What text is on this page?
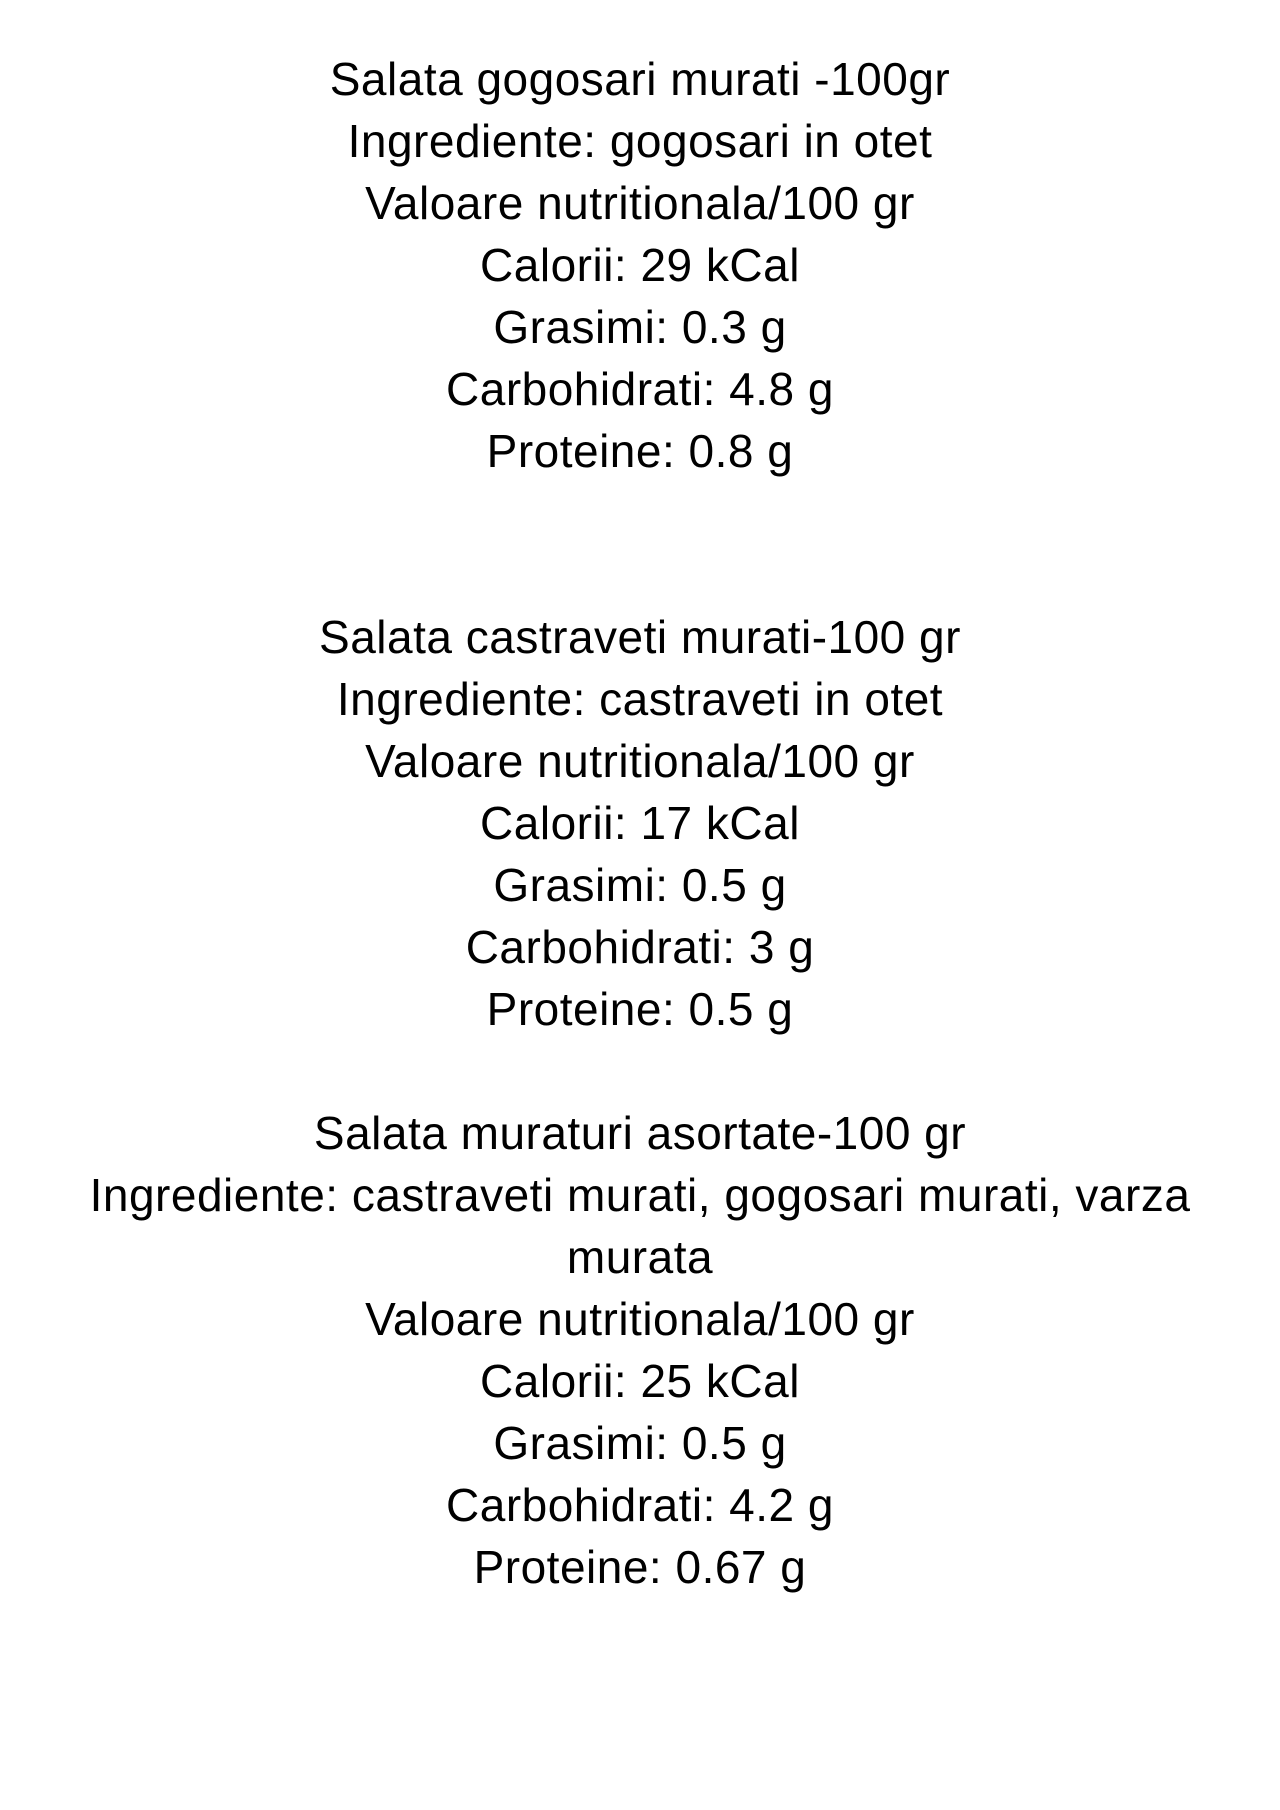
Salata gogosari murati -100gr
Ingrediente: gogosari in otet
Valoare nutritionala/100 gr
Calorii: 29 kCal
Grasimi: 0.3 g
Carbohidrati: 4.8 g
Proteine: 0.8 g
Salata castraveti murati-100 gr
Ingrediente: castraveti in otet
Valoare nutritionala/100 gr
Calorii: 17 kCal
Grasimi: 0.5 g
Carbohidrati: 3 g
Proteine: 0.5 g
Salata muraturi asortate-100 gr
Ingrediente: castraveti murati, gogosari murati, varza murata
Valoare nutritionala/100 gr
Calorii: 25 kCal
Grasimi: 0.5 g
Carbohidrati: 4.2 g
Proteine: 0.67 g
